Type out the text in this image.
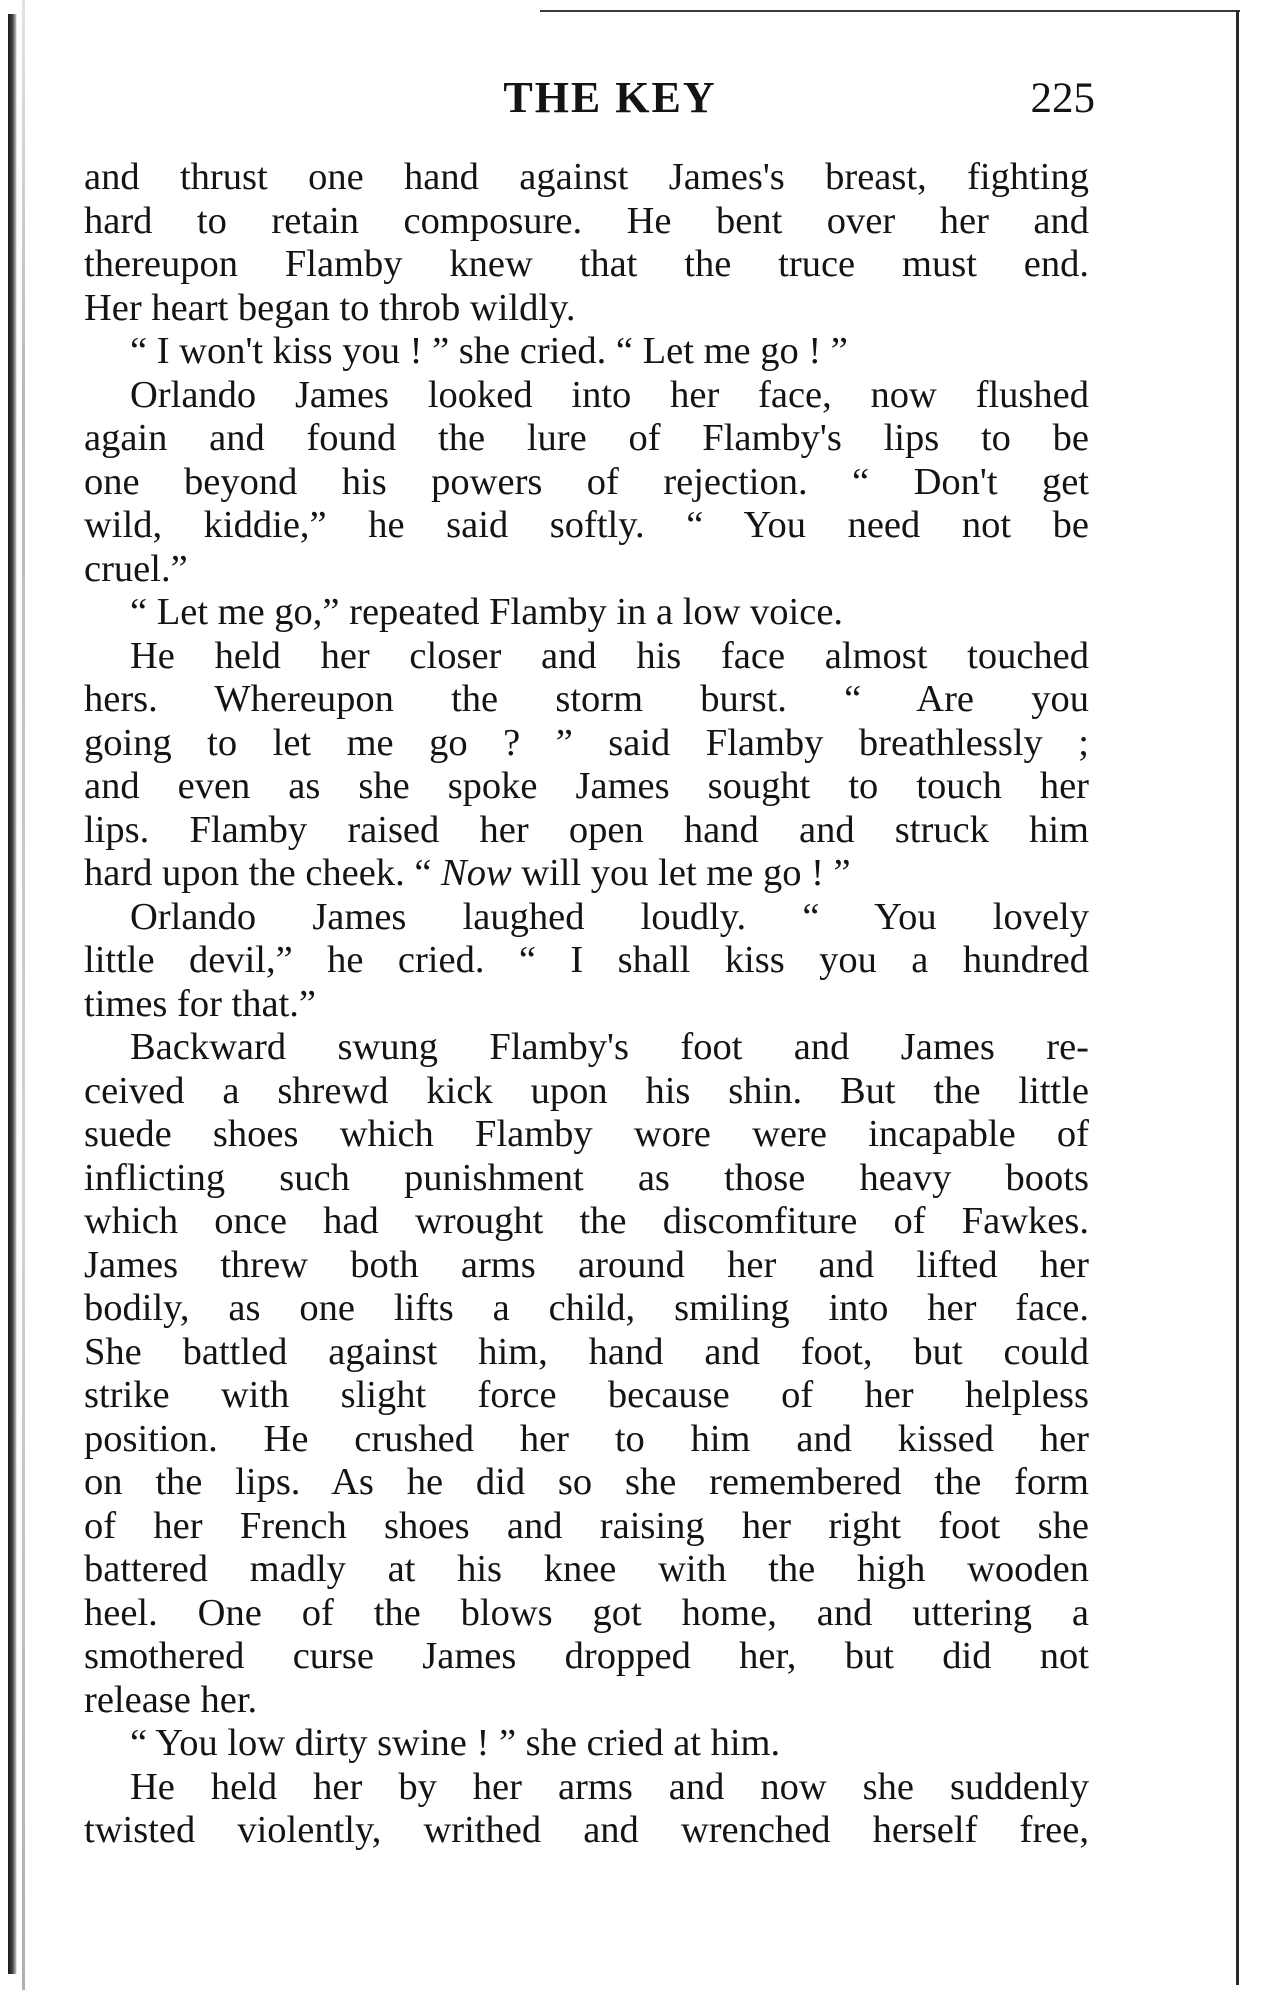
THE KEY	225
and thrust one hand against James's breast, fighting
hard to retain composure. He bent over her and
thereupon Flamby knew that the truce must end.
Her heart began to throb wildly.
“ I won't kiss you ! ” she cried. “ Let me go ! ”
Orlando James looked into her face, now flushed
again and found the lure of Flamby's lips to be
one beyond his powers of rejection. “ Don't get
wild, kiddie,” he said softly. “ You need not be
cruel.”
“ Let me go,” repeated Flamby in a low voice.
He held her closer and his face almost touched
hers. Whereupon the storm burst. “ Are you
going to let me go ? ” said Flamby breathlessly ;
and even as she spoke James sought to touch her
lips. Flamby raised her open hand and struck him
hard upon the cheek. “ Now will you let me go ! ”
Orlando James laughed loudly. “ You lovely
little devil,” he cried. “ I shall kiss you a hundred
times for that.”
Backward swung Flamby's foot and James re-
ceived a shrewd kick upon his shin. But the little
suede shoes which Flamby wore were incapable of
inflicting such punishment as those heavy boots
which once had wrought the discomfiture of Fawkes.
James threw both arms around her and lifted her
bodily, as one lifts a child, smiling into her face.
She battled against him, hand and foot, but could
strike with slight force because of her helpless
position. He crushed her to him and kissed her
on the lips. As he did so she remembered the form
of her French shoes and raising her right foot she
battered madly at his knee with the high wooden
heel. One of the blows got home, and uttering a
smothered curse James dropped her, but did not
release her.
“ You low dirty swine ! ” she cried at him.
He held her by her arms and now she suddenly
twisted violently, writhed and wrenched herself free,
